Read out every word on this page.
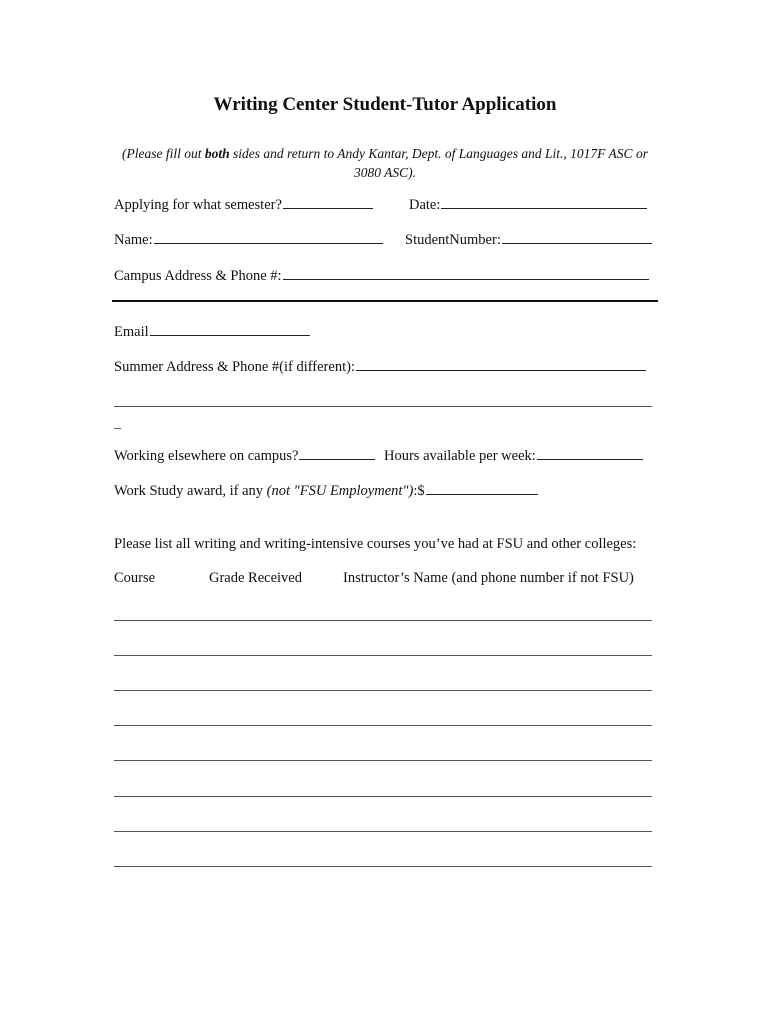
Writing Center Student-Tutor Application
(Please fill out both sides and return to Andy Kantar, Dept. of Languages and Lit., 1017F ASC or 3080 ASC).
Applying for what semester?	Date:
Name:	StudentNumber:
Campus Address & Phone #:
Email
Summer Address & Phone #(if different):
_
Working elsewhere on campus?	Hours available per week:
Work Study award, if any (not "FSU Employment"):$
Please list all writing and writing-intensive courses you’ve had at FSU and other colleges:
Course	Grade Received	Instructor’s Name (and phone number if not FSU)
